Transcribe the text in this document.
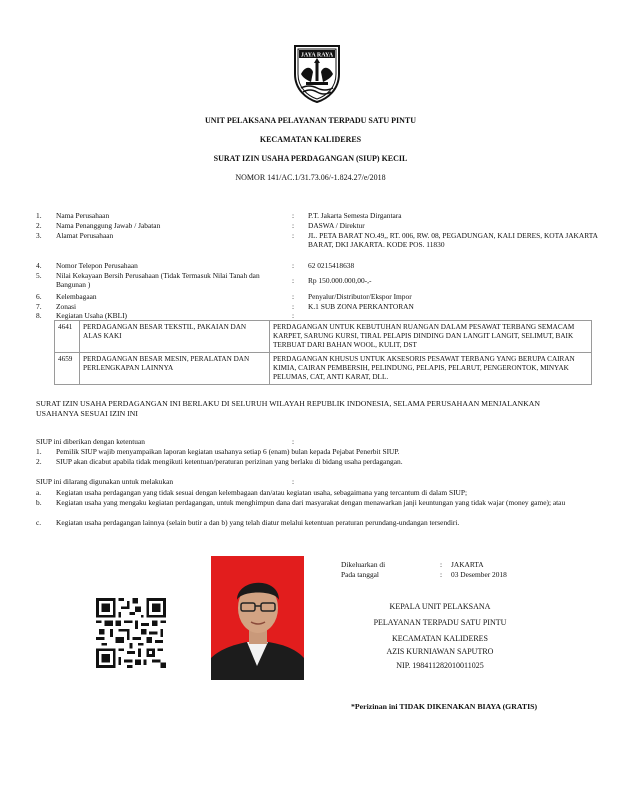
JAYA RAYA
UNIT PELAKSANA PELAYANAN TERPADU SATU PINTU
KECAMATAN KALIDERES
SURAT IZIN USAHA PERDAGANGAN (SIUP) KECIL
NOMOR 141/AC.1/31.73.06/-1.824.27/e/2018
1. Nama Perusahaan	: P.T. Jakarta Semesta Dirgantara
2. Nama Penanggung Jawab / Jabatan	: DASWA / Direktur
3. Alamat Perusahaan	: JL. PETA BARAT NO.49,, RT. 006, RW. 08, PEGADUNGAN, KALI DERES, KOTA JAKARTA BARAT, DKI JAKARTA. KODE POS. 11830
4. Nomor Telepon Perusahaan	: 62 0215418638
5. Nilai Kekayaan Bersih Perusahaan (Tidak Termasuk Nilai Tanah dan Bangunan )	: Rp 150.000.000,00-,-
6. Kelembagaan	: Penyalur/Distributor/Ekspor Impor
7. Zonasi	: K.1 SUB ZONA PERKANTORAN
8. Kegiatan Usaha (KBLI)	:
4641	PERDAGANGAN BESAR TEKSTIL, PAKAIAN DAN ALAS KAKI	PERDAGANGAN UNTUK KEBUTUHAN RUANGAN DALAM PESAWAT TERBANG SEMACAM KARPET, SARUNG KURSI, TIRAL PELAPIS DINDING DAN LANGIT LANGIT, SELIMUT, BAIK TERBUAT DARI BAHAN WOOL, KULIT, DST
4659	PERDAGANGAN BESAR MESIN, PERALATAN DAN PERLENGKAPAN LAINNYA	PERDAGANGAN KHUSUS UNTUK AKSESORIS PESAWAT TERBANG YANG BERUPA CAIRAN KIMIA, CAIRAN PEMBERSIH, PELINDUNG, PELAPIS, PELARUT, PENGERONTOK, MINYAK PELUMAS, CAT, ANTI KARAT, DLL.
SURAT IZIN USAHA PERDAGANGAN INI BERLAKU DI SELURUH WILAYAH REPUBLIK INDONESIA, SELAMA PERUSAHAAN MENJALANKAN USAHANYA SESUAI IZIN INI
SIUP ini diberikan dengan ketentuan	:
1. Pemilik SIUP wajib menyampaikan laporan kegiatan usahanya setiap 6 (enam) bulan kepada Pejabat Penerbit SIUP.
2. SIUP akan dicabut apabila tidak mengikuti ketentuan/peraturan perizinan yang berlaku di bidang usaha perdagangan.
SIUP ini dilarang digunakan untuk melakukan	:
a. Kegiatan usaha perdagangan yang tidak sesuai dengan kelembagaan dan/atau kegiatan usaha, sebagaimana yang tercantum di dalam SIUP;
b. Kegiatan usaha yang mengaku kegiatan perdagangan, untuk menghimpun dana dari masyarakat dengan menawarkan janji keuntungan yang tidak wajar (money game); atau
c. Kegiatan usaha perdagangan lainnya (selain butir a dan b) yang telah diatur melalui ketentuan peraturan perundang-undangan tersendiri.
Dikeluarkan di	: JAKARTA
Pada tanggal	: 03 Desember 2018
KEPALA UNIT PELAKSANA
PELAYANAN TERPADU SATU PINTU
KECAMATAN KALIDERES
AZIS KURNIAWAN SAPUTRO
NIP. 198411282010011025
*Perizinan ini TIDAK DIKENAKAN BIAYA (GRATIS)
